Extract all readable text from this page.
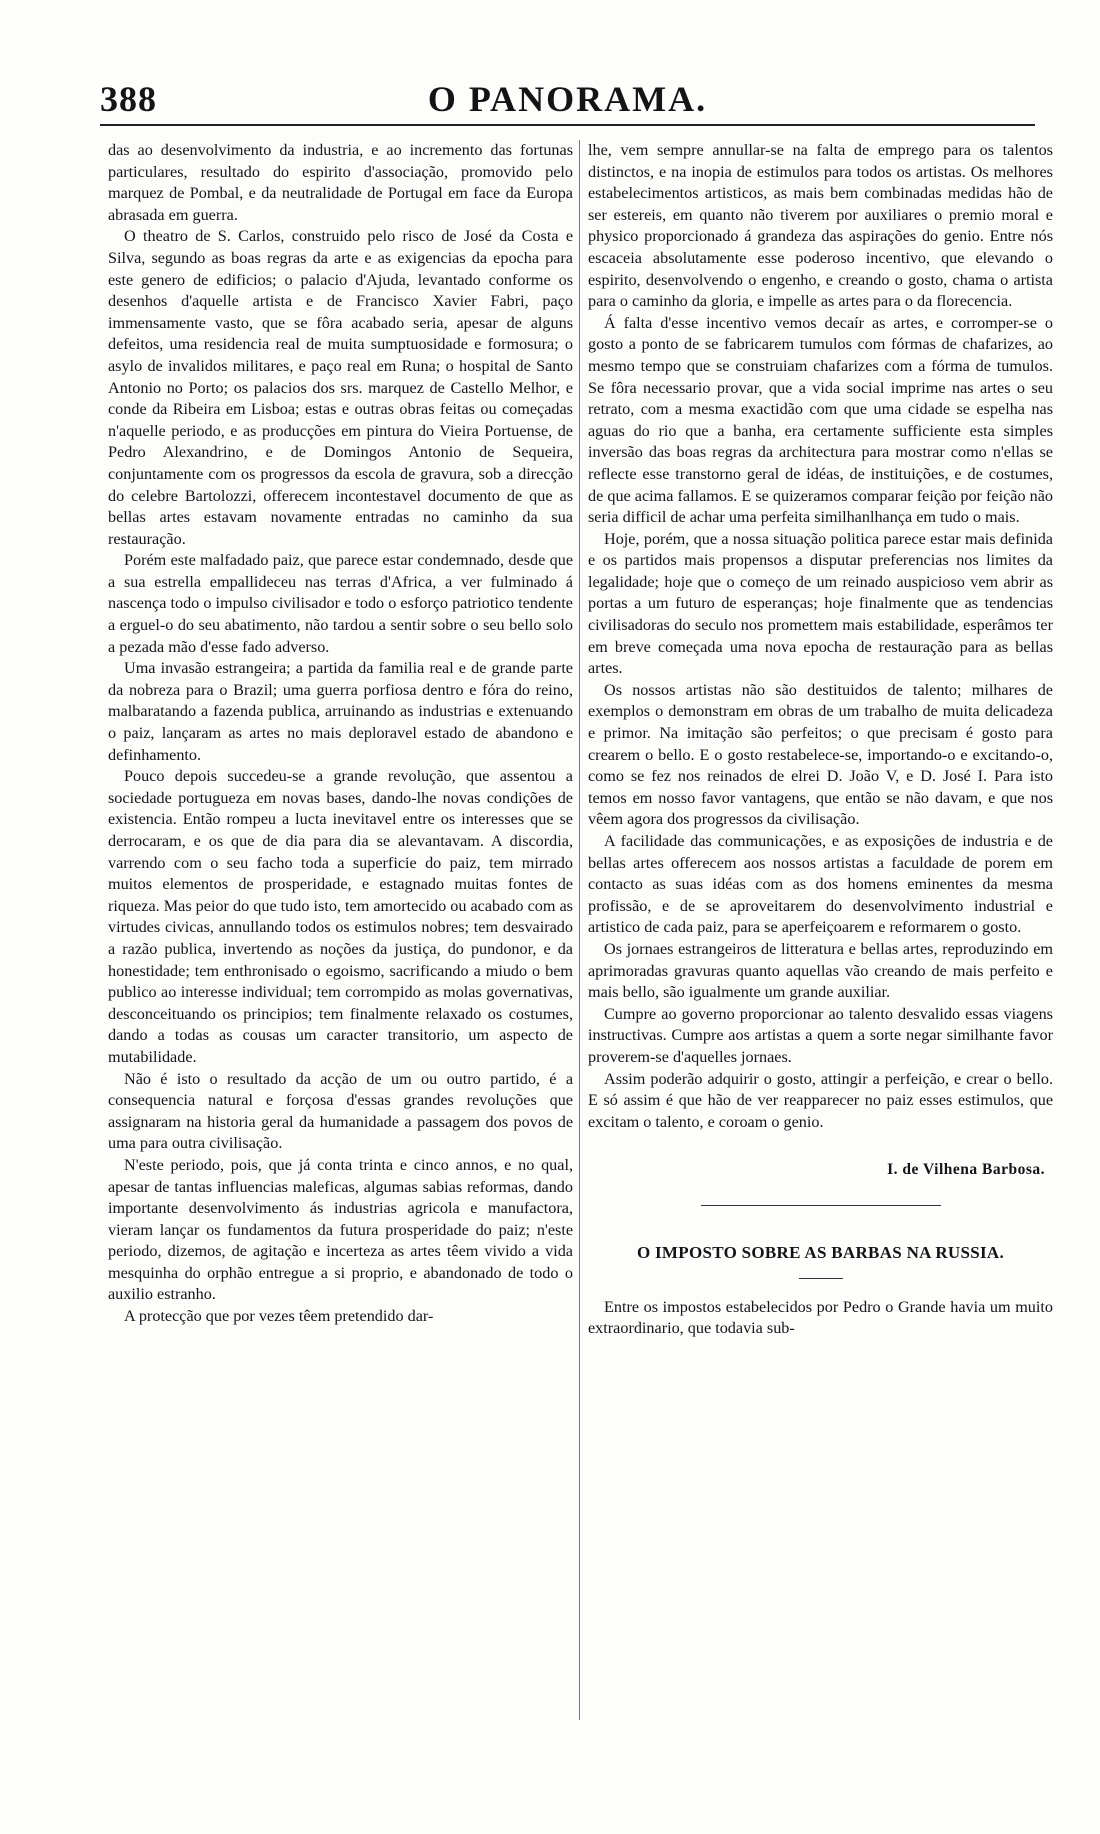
O PANORAMA.
388

das ao desenvolvimento da industria, e ao incremento das fortunas particulares, resultado do espirito d'associação, promovido pelo marquez de Pombal, e da neutralidade de Portugal em face da Europa abrasada em guerra.

O theatro de S. Carlos, construido pelo risco de José da Costa e Silva, segundo as boas regras da arte e as exigencias da epocha para este genero de edificios; o palacio d'Ajuda, levantado conforme os desenhos d'aquelle artista e de Francisco Xavier Fabri, paço immensamente vasto, que se fôra acabado seria, apesar de alguns defeitos, uma residencia real de muita sumptuosidade e formosura; o asylo de invalidos militares, e paço real em Runa; o hospital de Santo Antonio no Porto; os palacios dos srs. marquez de Castello Melhor, e conde da Ribeira em Lisboa; estas e outras obras feitas ou começadas n'aquelle periodo, e as producções em pintura do Vieira Portuense, de Pedro Alexandrino, e de Domingos Antonio de Sequeira, conjuntamente com os progressos da escola de gravura, sob a direcção do celebre Bartolozzi, offerecem incontestavel documento de que as bellas artes estavam novamente entradas no caminho da sua restauração.

Porém este malfadado paiz, que parece estar condemnado, desde que a sua estrella empallideceu nas terras d'Africa, a ver fulminado á nascença todo o impulso civilisador e todo o esforço patriotico tendente a erguel-o do seu abatimento, não tardou a sentir sobre o seu bello solo a pezada mão d'esse fado adverso.

Uma invasão estrangeira; a partida da familia real e de grande parte da nobreza para o Brazil; uma guerra porfiosa dentro e fóra do reino, malbaratando a fazenda publica, arruinando as industrias e extenuando o paiz, lançaram as artes no mais deploravel estado de abandono e definhamento.

Pouco depois succedeu-se a grande revolução, que assentou a sociedade portugueza em novas bases, dando-lhe novas condições de existencia. Então rompeu a lucta inevitavel entre os interesses que se derrocaram, e os que de dia para dia se alevantavam. A discordia, varrendo com o seu facho toda a superficie do paiz, tem mirrado muitos elementos de prosperidade, e estagnado muitas fontes de riqueza. Mas peior do que tudo isto, tem amortecido ou acabado com as virtudes civicas, annullando todos os estimulos nobres; tem desvairado a razão publica, invertendo as noções da justiça, do pundonor, e da honestidade; tem enthronisado o egoismo, sacrificando a miudo o bem publico ao interesse individual; tem corrompido as molas governativas, desconceituando os principios; tem finalmente relaxado os costumes, dando a todas as cousas um caracter transitorio, um aspecto de mutabilidade.

Não é isto o resultado da acção de um ou outro partido, é a consequencia natural e forçosa d'essas grandes revoluções que assignaram na historia geral da humanidade a passagem dos povos de uma para outra civilisação.

N'este periodo, pois, que já conta trinta e cinco annos, e no qual, apesar de tantas influencias maleficas, algumas sabias reformas, dando importante desenvolvimento ás industrias agricola e manufactora, vieram lançar os fundamentos da futura prosperidade do paiz; n'este periodo, dizemos, de agitação e incerteza as artes têem vivido a vida mesquinha do orphão entregue a si proprio, e abandonado de todo o auxilio estranho.

A protecção que por vezes têem pretendido dar-

lhe, vem sempre annullar-se na falta de emprego para os talentos distinctos, e na inopia de estimulos para todos os artistas. Os melhores estabelecimentos artisticos, as mais bem combinadas medidas hão de ser estereis, em quanto não tiverem por auxiliares o premio moral e physico proporcionado á grandeza das aspirações do genio. Entre nós escaceia absolutamente esse poderoso incentivo, que elevando o espirito, desenvolvendo o engenho, e creando o gosto, chama o artista para o caminho da gloria, e impelle as artes para o da florecencia.

Á falta d'esse incentivo vemos decaír as artes, e corromper-se o gosto a ponto de se fabricarem tumulos com fórmas de chafarizes, ao mesmo tempo que se construiam chafarizes com a fórma de tumulos. Se fôra necessario provar, que a vida social imprime nas artes o seu retrato, com a mesma exactidão com que uma cidade se espelha nas aguas do rio que a banha, era certamente sufficiente esta simples inversão das boas regras da architectura para mostrar como n'ellas se reflecte esse transtorno geral de idéas, de instituições, e de costumes, de que acima fallamos. E se quizeramos comparar feição por feição não seria difficil de achar uma perfeita similhanlhança em tudo o mais.

Hoje, porém, que a nossa situação politica parece estar mais definida e os partidos mais propensos a disputar preferencias nos limites da legalidade; hoje que o começo de um reinado auspicioso vem abrir as portas a um futuro de esperanças; hoje finalmente que as tendencias civilisadoras do seculo nos promettem mais estabilidade, esperâmos ter em breve começada uma nova epocha de restauração para as bellas artes.

Os nossos artistas não são destituidos de talento; milhares de exemplos o demonstram em obras de um trabalho de muita delicadeza e primor. Na imitação são perfeitos; o que precisam é gosto para crearem o bello. E o gosto restabelece-se, importando-o e excitando-o, como se fez nos reinados de elrei D. João V, e D. José I. Para isto temos em nosso favor vantagens, que então se não davam, e que nos vêem agora dos progressos da civilisação.

A facilidade das communicações, e as exposições de industria e de bellas artes offerecem aos nossos artistas a faculdade de porem em contacto as suas idéas com as dos homens eminentes da mesma profissão, e de se aproveitarem do desenvolvimento industrial e artistico de cada paiz, para se aperfeiçoarem e reformarem o gosto.

Os jornaes estrangeiros de litteratura e bellas artes, reproduzindo em aprimoradas gravuras quanto aquellas vão creando de mais perfeito e mais bello, são igualmente um grande auxiliar.

Cumpre ao governo proporcionar ao talento desvalido essas viagens instructivas. Cumpre aos artistas a quem a sorte negar similhante favor proverem-se d'aquelles jornaes.

Assim poderão adquirir o gosto, attingir a perfeição, e crear o bello. E só assim é que hão de ver reapparecer no paiz esses estimulos, que excitam o talento, e coroam o genio.

I. de Vilhena Barbosa.
O IMPOSTO SOBRE AS BARBAS NA RUSSIA.

Entre os impostos estabelecidos por Pedro o Grande havia um muito extraordinario, que todavia sub-
